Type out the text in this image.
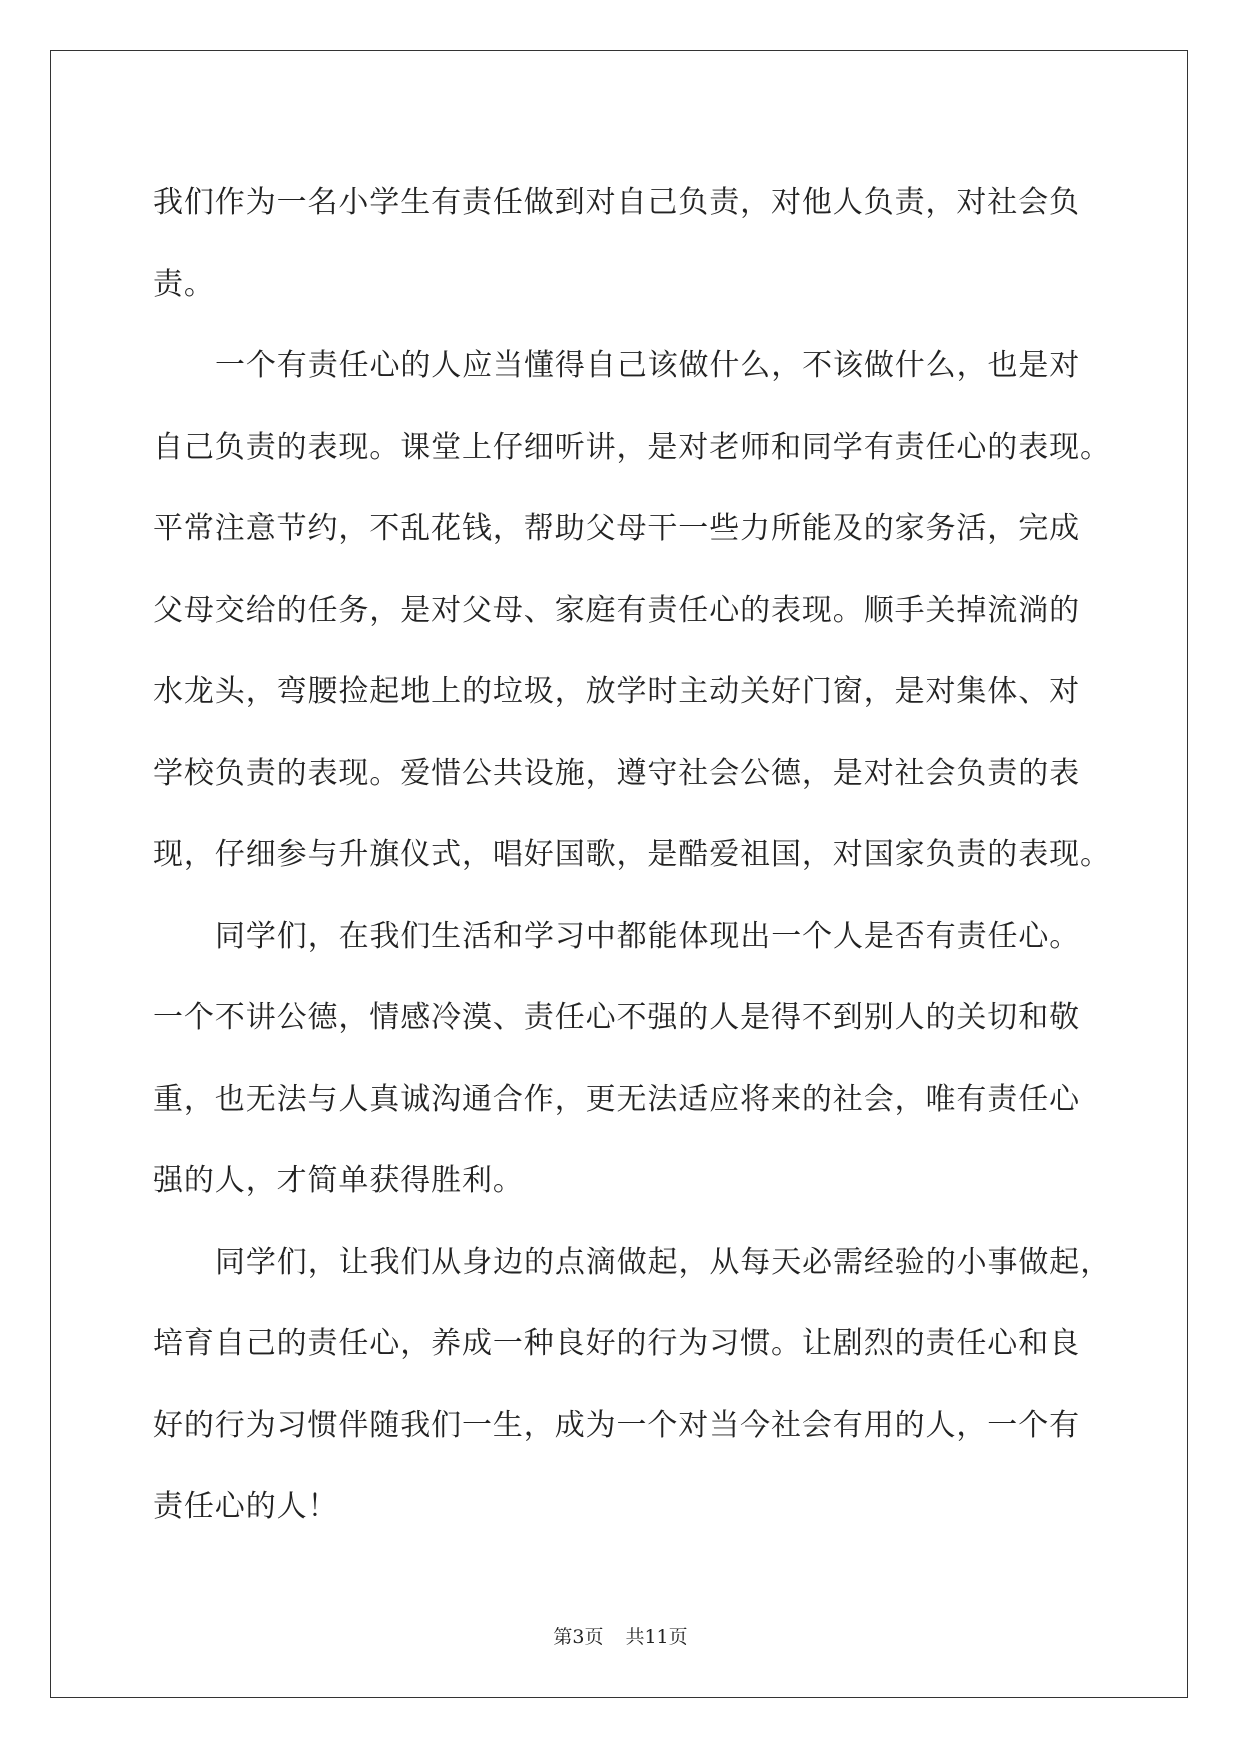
我们作为一名小学生有责任做到对自己负责，对他人负责，对社会负

责。

一个有责任心的人应当懂得自己该做什么，不该做什么，也是对

自己负责的表现。课堂上仔细听讲，是对老师和同学有责任心的表现。

平常注意节约，不乱花钱，帮助父母干一些力所能及的家务活，完成

父母交给的任务，是对父母、家庭有责任心的表现。顺手关掉流淌的

水龙头，弯腰捡起地上的垃圾，放学时主动关好门窗，是对集体、对

学校负责的表现。爱惜公共设施，遵守社会公德，是对社会负责的表

现，仔细参与升旗仪式，唱好国歌，是酷爱祖国，对国家负责的表现。

同学们，在我们生活和学习中都能体现出一个人是否有责任心。

一个不讲公德，情感冷漠、责任心不强的人是得不到别人的关切和敬

重，也无法与人真诚沟通合作，更无法适应将来的社会，唯有责任心

强的人，才简单获得胜利。

同学们，让我们从身边的点滴做起，从每天必需经验的小事做起，

培育自己的责任心，养成一种良好的行为习惯。让剧烈的责任心和良

好的行为习惯伴随我们一生，成为一个对当今社会有用的人，一个有

责任心的人！

第3页 共11页
